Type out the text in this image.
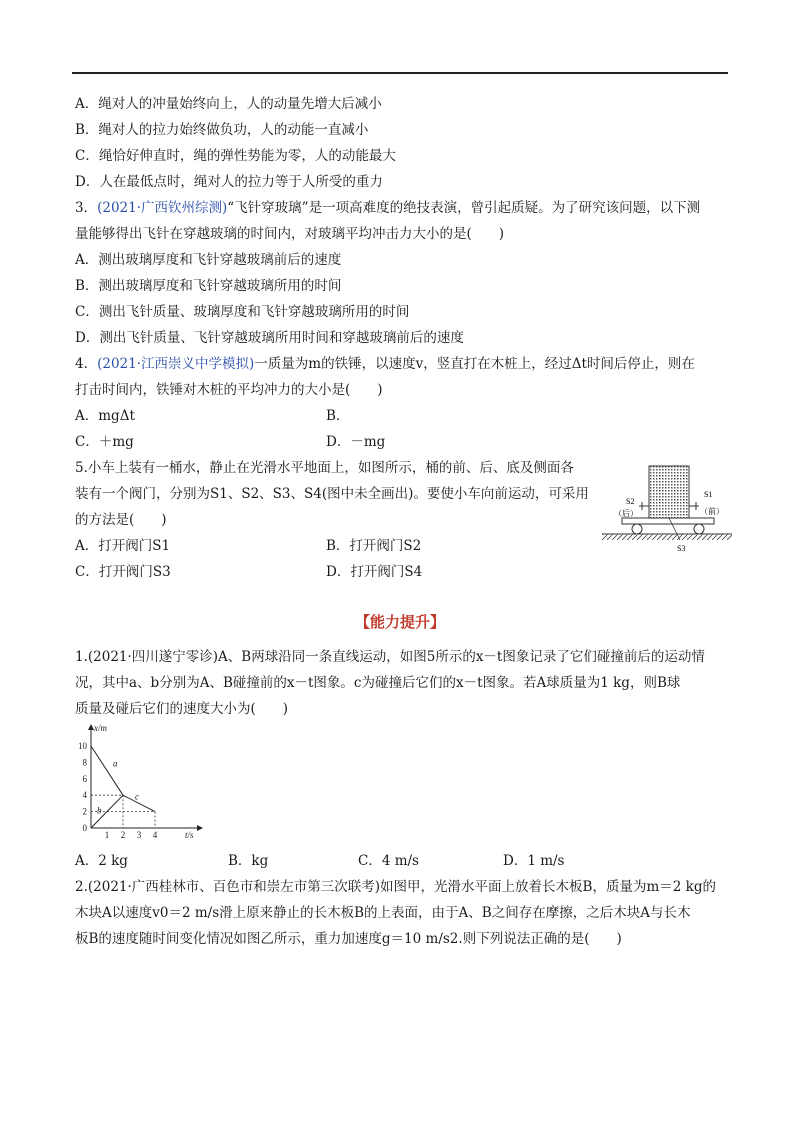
A．绳对人的冲量始终向上，人的动量先增大后减小
B．绳对人的拉力始终做负功，人的动能一直减小
C．绳恰好伸直时，绳的弹性势能为零，人的动能最大
D．人在最低点时，绳对人的拉力等于人所受的重力
3．(2021·广西钦州综测)“飞针穿玻璃”是一项高难度的绝技表演，曾引起质疑。为了研究该问题，以下测
量能够得出飞针在穿越玻璃的时间内，对玻璃平均冲击力大小的是(　　)
A．测出玻璃厚度和飞针穿越玻璃前后的速度
B．测出玻璃厚度和飞针穿越玻璃所用的时间
C．测出飞针质量、玻璃厚度和飞针穿越玻璃所用的时间
D．测出飞针质量、飞针穿越玻璃所用时间和穿越玻璃前后的速度
4．(2021·江西崇义中学模拟)一质量为m的铁锤，以速度v，竖直打在木桩上，经过Δt时间后停止，则在
打击时间内，铁锤对木桩的平均冲力的大小是(　　)
A．mgΔt	B．
C．＋mg	D．－mg
5.小车上装有一桶水，静止在光滑水平地面上，如图所示，桶的前、后、底及侧面各
装有一个阀门，分别为S1、S2、S3、S4(图中未全画出)。要使小车向前运动，可采用
的方法是(　　)
A．打开阀门S1	B．打开阀门S2
C．打开阀门S3	D．打开阀门S4
S2
（后）
S1
（前）
S3
【能力提升】
1.(2021·四川遂宁零诊)A、B两球沿同一条直线运动，如图5所示的x－t图象记录了它们碰撞前后的运动情
况，其中a、b分别为A、B碰撞前的x－t图象。c为碰撞后它们的x－t图象。若A球质量为1 kg，则B球
质量及碰后它们的速度大小为(　　)
x/m
t/s
0
2
4
6
8
10
1 2 3 4
a
b
c
A．2 kg	B．kg	C．4 m/s	D．1 m/s
2.(2021·广西桂林市、百色市和崇左市第三次联考)如图甲，光滑水平面上放着长木板B，质量为m＝2 kg的
木块A以速度v0＝2 m/s滑上原来静止的长木板B的上表面，由于A、B之间存在摩擦，之后木块A与长木
板B的速度随时间变化情况如图乙所示，重力加速度g＝10 m/s2.则下列说法正确的是(　　)
